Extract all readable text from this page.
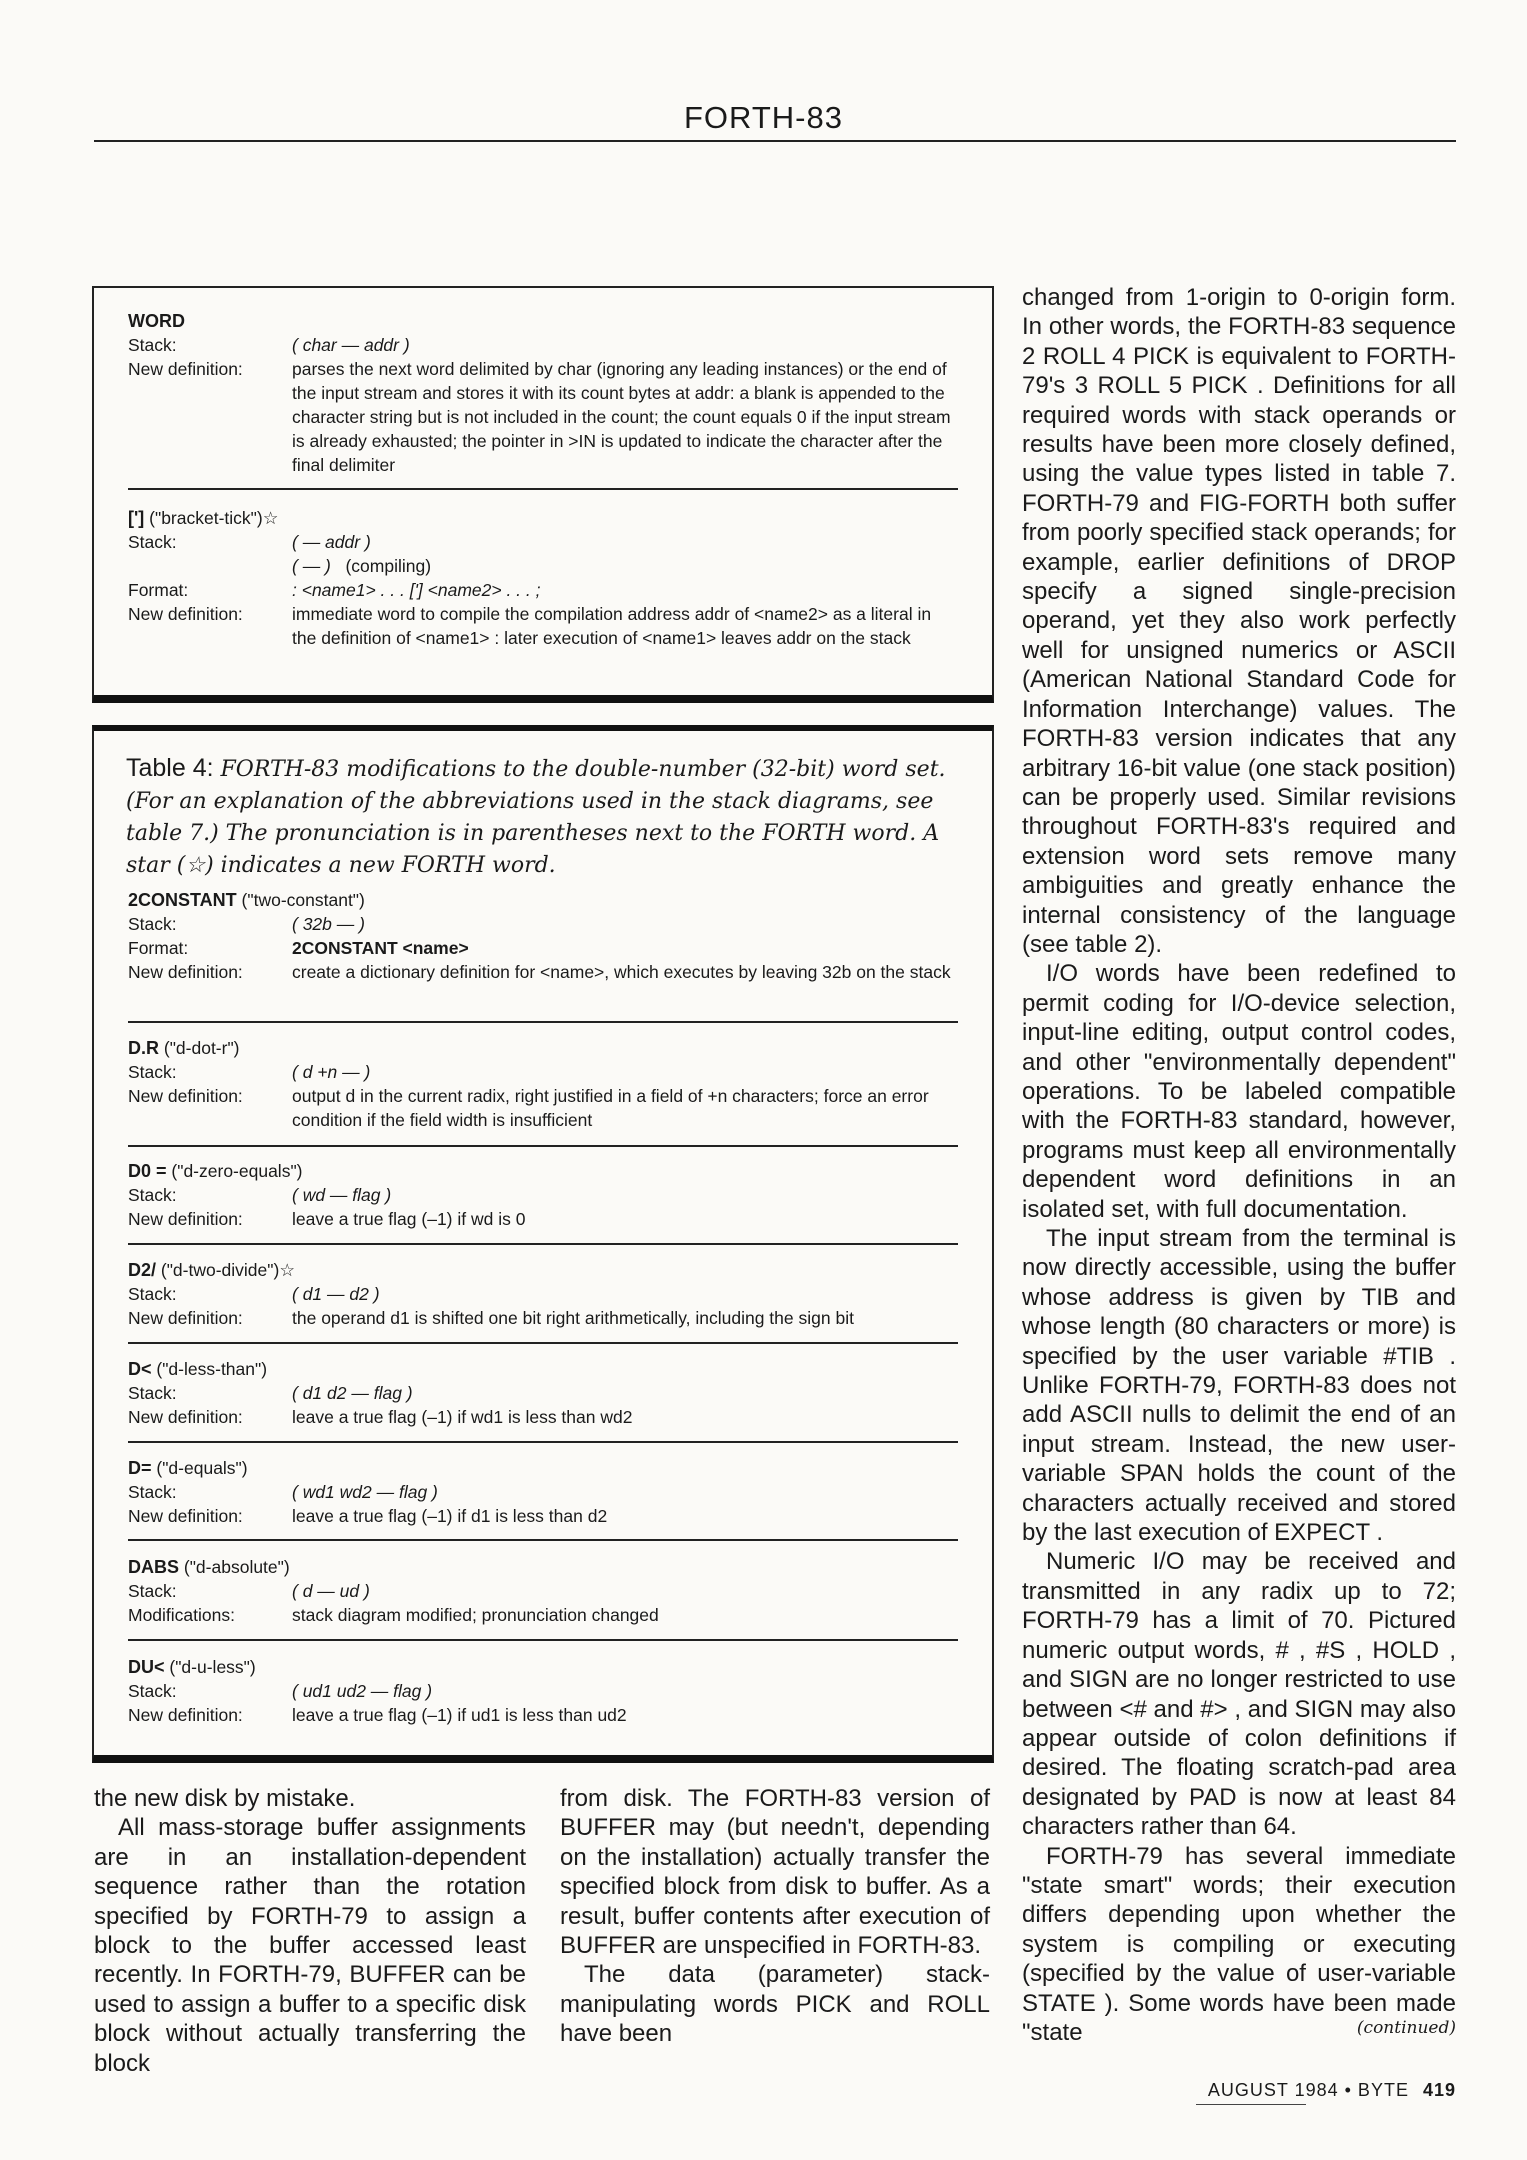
FORTH-83
WORD
Stack:	( char — addr )
New definition:	parses the next word delimited by char (ignoring any leading instances) or the end of the input stream and stores it with its count bytes at addr: a blank is appended to the character string but is not included in the count; the count equals 0 if the input stream is already exhausted; the pointer in >IN is updated to indicate the character after the final delimiter
['] ("bracket-tick")☆
Stack:	( — addr )
( — ) (compiling)
Format:	: <name1> . . . ['] <name2> . . . ;
New definition:	immediate word to compile the compilation address addr of <name2> as a literal in the definition of <name1> : later execution of <name1> leaves addr on the stack
Table 4: FORTH-83 modifications to the double-number (32-bit) word set. (For an explanation of the abbreviations used in the stack diagrams, see table 7.) The pronunciation is in parentheses next to the FORTH word. A star (☆) indicates a new FORTH word.
2CONSTANT ("two-constant")
Stack:	( 32b — )
Format:	2CONSTANT <name>
New definition:	create a dictionary definition for <name>, which executes by leaving 32b on the stack
D.R ("d-dot-r")
Stack:	( d +n — )
New definition:	output d in the current radix, right justified in a field of +n characters; force an error condition if the field width is insufficient
D0 = ("d-zero-equals")
Stack:	( wd — flag )
New definition:	leave a true flag (–1) if wd is 0
D2/ ("d-two-divide")☆
Stack:	( d1 — d2 )
New definition:	the operand d1 is shifted one bit right arithmetically, including the sign bit
D< ("d-less-than")
Stack:	( d1 d2 — flag )
New definition:	leave a true flag (–1) if wd1 is less than wd2
D= ("d-equals")
Stack:	( wd1 wd2 — flag )
New definition:	leave a true flag (–1) if d1 is less than d2
DABS ("d-absolute")
Stack:	( d — ud )
Modifications:	stack diagram modified; pronunciation changed
DU< ("d-u-less")
Stack:	( ud1 ud2 — flag )
New definition:	leave a true flag (–1) if ud1 is less than ud2

the new disk by mistake.

All mass-storage buffer assignments are in an installation-dependent sequence rather than the rotation specified by FORTH-79 to assign a block to the buffer accessed least recently. In FORTH-79, BUFFER can be used to assign a buffer to a specific disk block without actually transferring the block

from disk. The FORTH-83 version of BUFFER may (but needn't, depending on the installation) actually transfer the specified block from disk to buffer. As a result, buffer contents after execution of BUFFER are unspecified in FORTH-83.

The data (parameter) stack-manipulating words PICK and ROLL have been

changed from 1-origin to 0-origin form. In other words, the FORTH-83 sequence 2 ROLL 4 PICK is equivalent to FORTH-79's 3 ROLL 5 PICK . Definitions for all required words with stack operands or results have been more closely defined, using the value types listed in table 7. FORTH-79 and FIG-FORTH both suffer from poorly specified stack operands; for example, earlier definitions of DROP specify a signed single-precision operand, yet they also work perfectly well for unsigned numerics or ASCII (American National Standard Code for Information Interchange) values. The FORTH-83 version indicates that any arbitrary 16-bit value (one stack position) can be properly used. Similar revisions throughout FORTH-83's required and extension word sets remove many ambiguities and greatly enhance the internal consistency of the language (see table 2).

I/O words have been redefined to permit coding for I/O-device selection, input-line editing, output control codes, and other "environmentally dependent" operations. To be labeled compatible with the FORTH-83 standard, however, programs must keep all environmentally dependent word definitions in an isolated set, with full documentation.

The input stream from the terminal is now directly accessible, using the buffer whose address is given by TIB and whose length (80 characters or more) is specified by the user variable #TIB . Unlike FORTH-79, FORTH-83 does not add ASCII nulls to delimit the end of an input stream. Instead, the new user-variable SPAN holds the count of the characters actually received and stored by the last execution of EXPECT .

Numeric I/O may be received and transmitted in any radix up to 72; FORTH-79 has a limit of 70. Pictured numeric output words, # , #S , HOLD , and SIGN are no longer restricted to use between <# and #> , and SIGN may also appear outside of colon definitions if desired. The floating scratch-pad area designated by PAD is now at least 84 characters rather than 64.

FORTH-79 has several immediate "state smart" words; their execution differs depending upon whether the system is compiling or executing (specified by the value of user-variable STATE ). Some words have been made "state	(continued)
AUGUST 1984 • BYTE 419
